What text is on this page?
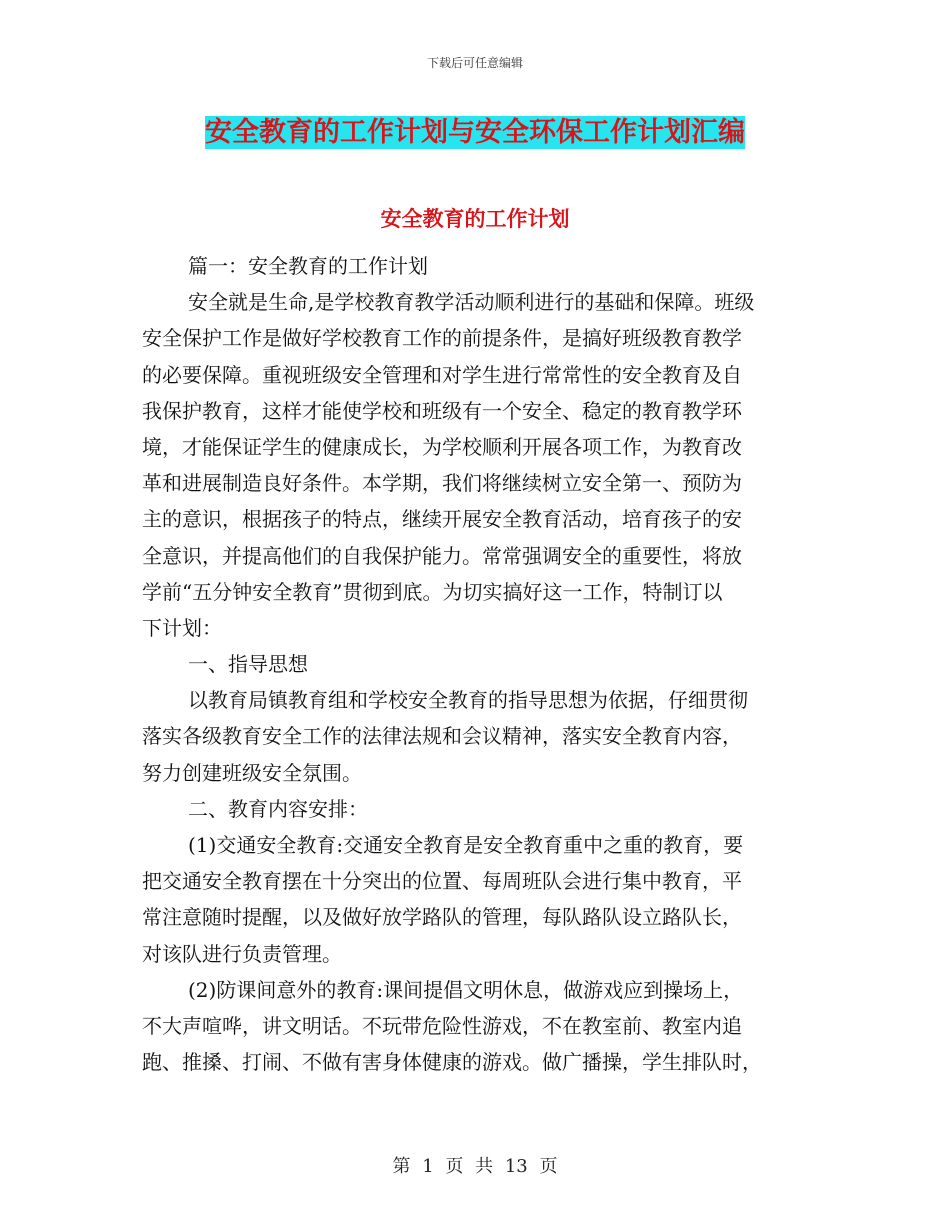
下载后可任意编辑
安全教育的工作计划与安全环保工作计划汇编
安全教育的工作计划
篇一：安全教育的工作计划
安全就是生命,是学校教育教学活动顺利进行的基础和保障。班级
安全保护工作是做好学校教育工作的前提条件，是搞好班级教育教学
的必要保障。重视班级安全管理和对学生进行常常性的安全教育及自
我保护教育，这样才能使学校和班级有一个安全、稳定的教育教学环
境，才能保证学生的健康成长，为学校顺利开展各项工作，为教育改
革和进展制造良好条件。本学期，我们将继续树立安全第一、预防为
主的意识，根据孩子的特点，继续开展安全教育活动，培育孩子的安
全意识，并提高他们的自我保护能力。常常强调安全的重要性，将放
学前“五分钟安全教育”贯彻到底。为切实搞好这一工作，特制订以
下计划：
一、指导思想
以教育局镇教育组和学校安全教育的指导思想为依据，仔细贯彻
落实各级教育安全工作的法律法规和会议精神，落实安全教育内容，
努力创建班级安全氛围。
二、教育内容安排：
(1)交通安全教育:交通安全教育是安全教育重中之重的教育，要
把交通安全教育摆在十分突出的位置、每周班队会进行集中教育，平
常注意随时提醒，以及做好放学路队的管理，每队路队设立路队长，
对该队进行负责管理。
(2)防课间意外的教育:课间提倡文明休息，做游戏应到操场上，
不大声喧哗，讲文明话。不玩带危险性游戏，不在教室前、教室内追
跑、推搡、打闹、不做有害身体健康的游戏。做广播操，学生排队时，
第 1 页 共 13 页
